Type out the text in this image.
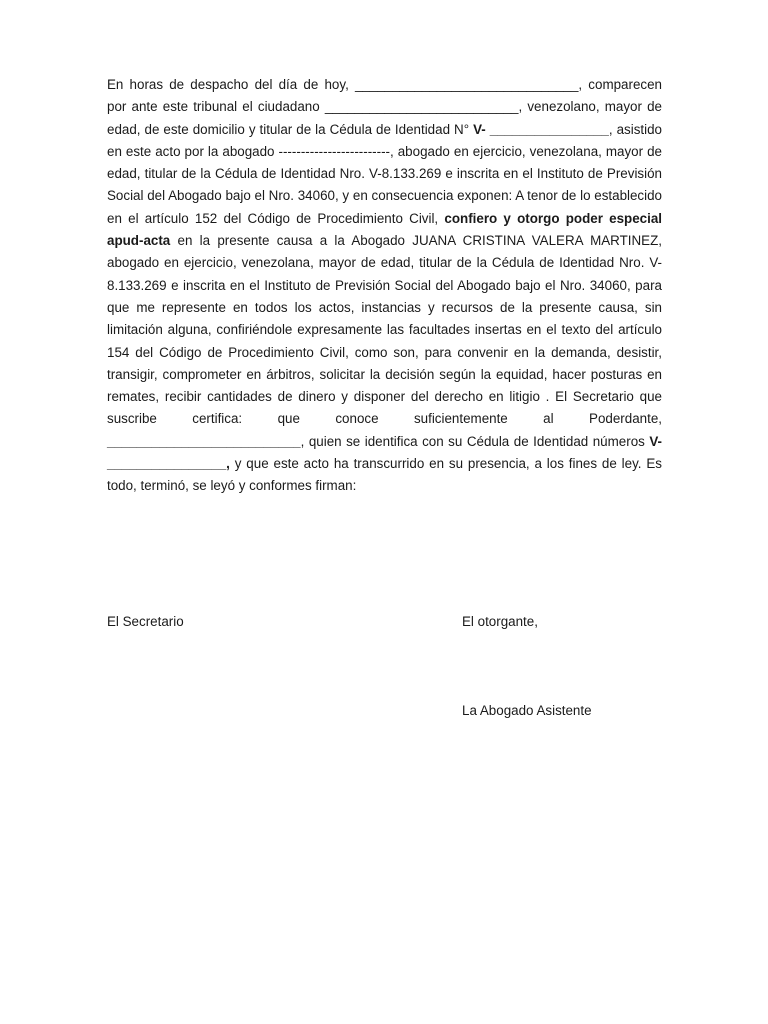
En horas de despacho del día de hoy, ______________________________, comparecen por ante este tribunal el ciudadano __________________________, venezolano, mayor de edad, de este domicilio y titular de la Cédula de Identidad N° V- ________________, asistido en este acto por la abogado -------------------------, abogado en ejercicio, venezolana, mayor de edad, titular de la Cédula de Identidad Nro. V-8.133.269 e inscrita en el Instituto de Previsión Social del Abogado bajo el Nro. 34060, y en consecuencia exponen: A tenor de lo establecido en el artículo 152 del Código de Procedimiento Civil, confiero y otorgo poder especial apud-acta en la presente causa a la Abogado JUANA CRISTINA VALERA MARTINEZ, abogado en ejercicio, venezolana, mayor de edad, titular de la Cédula de Identidad Nro. V-8.133.269 e inscrita en el Instituto de Previsión Social del Abogado bajo el Nro. 34060, para que me represente en todos los actos, instancias y recursos de la presente causa, sin limitación alguna, confiriéndole expresamente las facultades insertas en el texto del artículo 154 del Código de Procedimiento Civil, como son, para convenir en la demanda, desistir, transigir, comprometer en árbitros, solicitar la decisión según la equidad, hacer posturas en remates, recibir cantidades de dinero y disponer del derecho en litigio . El Secretario que suscribe certifica: que conoce suficientemente al Poderdante, __________________________, quien se identifica con su Cédula de Identidad números V-________________, y que este acto ha transcurrido en su presencia, a los fines de ley. Es todo, terminó, se leyó y conformes firman:

El Secretario	El otorgante,
La Abogado Asistente
